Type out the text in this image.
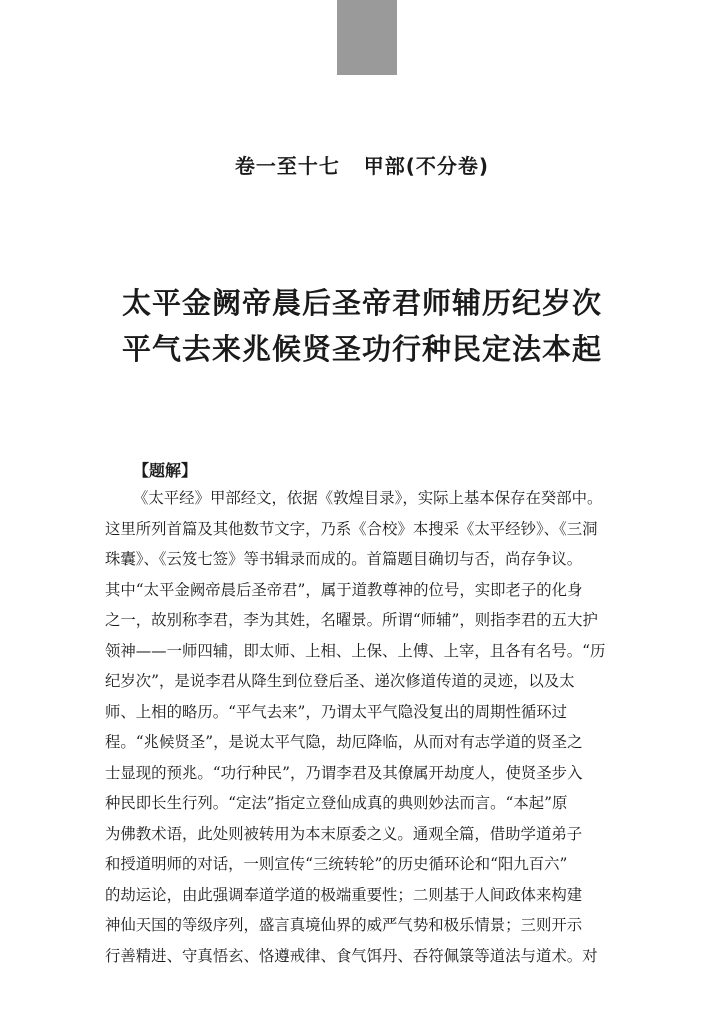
卷一至十七   甲部(不分卷)
太平金阙帝晨后圣帝君师辅历纪岁次
平气去来兆候贤圣功行种民定法本起
【题解】
《太平经》甲部经文，依据《敦煌目录》，实际上基本保存在癸部中。
这里所列首篇及其他数节文字，乃系《合校》本搜采《太平经钞》、《三洞
珠囊》、《云笈七签》等书辑录而成的。首篇题目确切与否，尚存争议。
其中“太平金阙帝晨后圣帝君”，属于道教尊神的位号，实即老子的化身
之一，故别称李君，李为其姓，名曜景。所谓“师辅”，则指李君的五大护
领神——一师四辅，即太师、上相、上保、上傅、上宰，且各有名号。“历
纪岁次”，是说李君从降生到位登后圣、递次修道传道的灵迹，以及太
师、上相的略历。“平气去来”，乃谓太平气隐没复出的周期性循环过
程。“兆候贤圣”，是说太平气隐，劫厄降临，从而对有志学道的贤圣之
士显现的预兆。“功行种民”，乃谓李君及其僚属开劫度人，使贤圣步入
种民即长生行列。“定法”指定立登仙成真的典则妙法而言。“本起”原
为佛教术语，此处则被转用为本末原委之义。通观全篇，借助学道弟子
和授道明师的对话，一则宣传“三统转轮”的历史循环论和“阳九百六”
的劫运论，由此强调奉道学道的极端重要性；二则基于人间政体来构建
神仙天国的等级序列，盛言真境仙界的威严气势和极乐情景；三则开示
行善精进、守真悟玄、恪遵戒律、食气饵丹、吞符佩箓等道法与道术。对
